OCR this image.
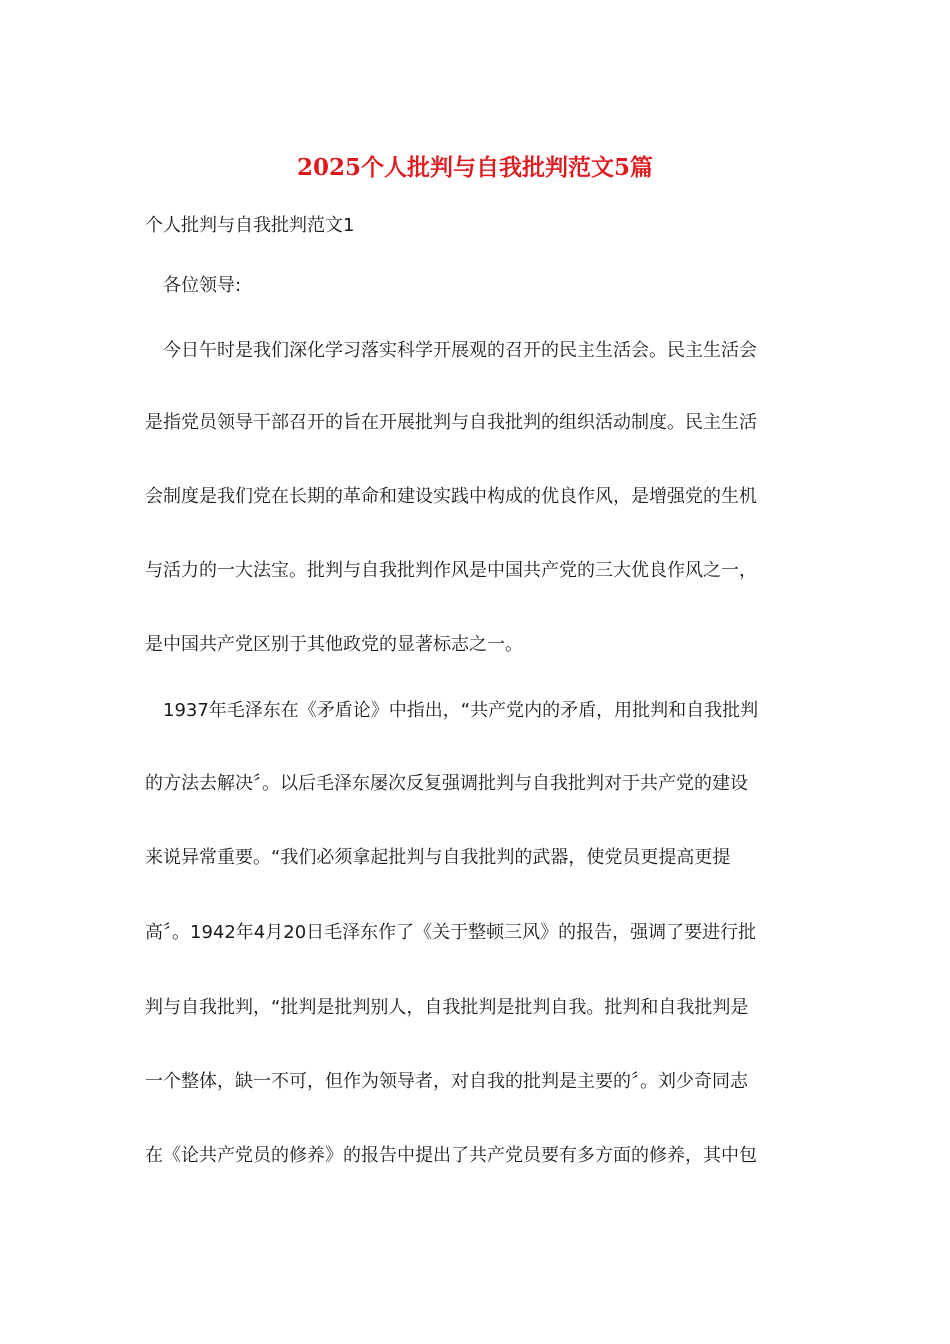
2025个人批判与自我批判范文5篇

个人批判与自我批判范文1

各位领导:

今日午时是我们深化学习落实科学开展观的召开的民主生活会。民主生活会

是指党员领导干部召开的旨在开展批判与自我批判的组织活动制度。民主生活

会制度是我们党在长期的革命和建设实践中构成的优良作风，是增强党的生机

与活力的一大法宝。批判与自我批判作风是中国共产党的三大优良作风之一，

是中国共产党区别于其他政党的显著标志之一。

1937年毛泽东在《矛盾论》中指出，“共产党内的矛盾，用批判和自我批判

的方法去解决〞。以后毛泽东屡次反复强调批判与自我批判对于共产党的建设

来说异常重要。“我们必须拿起批判与自我批判的武器，使党员更提高更提

高〞。1942年4月20日毛泽东作了《关于整顿三风》的报告，强调了要进行批

判与自我批判，“批判是批判别人，自我批判是批判自我。批判和自我批判是

一个整体，缺一不可，但作为领导者，对自我的批判是主要的〞。刘少奇同志

在《论共产党员的修养》的报告中提出了共产党员要有多方面的修养，其中包
